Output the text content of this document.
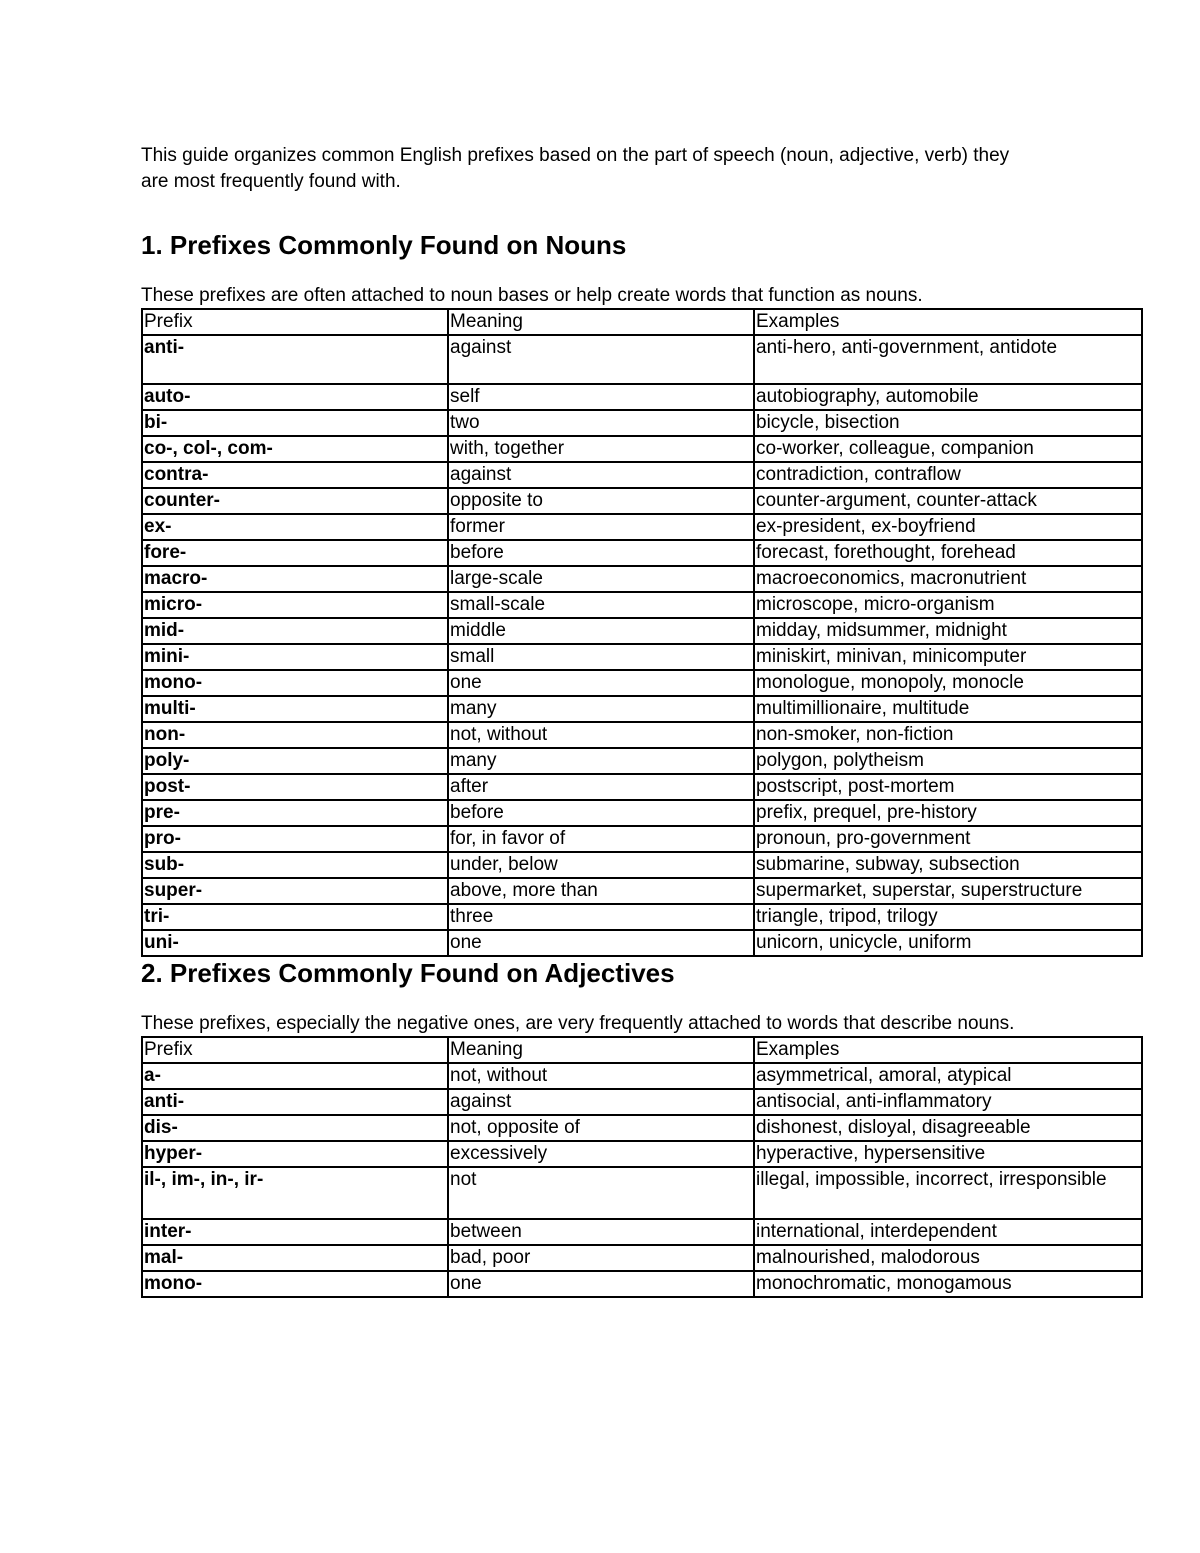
This guide organizes common English prefixes based on the part of speech (noun, adjective, verb) they are most frequently found with.

1. Prefixes Commonly Found on Nouns

These prefixes are often attached to noun bases or help create words that function as nouns.

Prefix	Meaning	Examples
anti-	against	anti-hero, anti-government, antidote
auto-	self	autobiography, automobile
bi-	two	bicycle, bisection
co-, col-, com-	with, together	co-worker, colleague, companion
contra-	against	contradiction, contraflow
counter-	opposite to	counter-argument, counter-attack
ex-	former	ex-president, ex-boyfriend
fore-	before	forecast, forethought, forehead
macro-	large-scale	macroeconomics, macronutrient
micro-	small-scale	microscope, micro-organism
mid-	middle	midday, midsummer, midnight
mini-	small	miniskirt, minivan, minicomputer
mono-	one	monologue, monopoly, monocle
multi-	many	multimillionaire, multitude
non-	not, without	non-smoker, non-fiction
poly-	many	polygon, polytheism
post-	after	postscript, post-mortem
pre-	before	prefix, prequel, pre-history
pro-	for, in favor of	pronoun, pro-government
sub-	under, below	submarine, subway, subsection
super-	above, more than	supermarket, superstar, superstructure
tri-	three	triangle, tripod, trilogy
uni-	one	unicorn, unicycle, uniform
2. Prefixes Commonly Found on Adjectives

These prefixes, especially the negative ones, are very frequently attached to words that describe nouns.

Prefix	Meaning	Examples
a-	not, without	asymmetrical, amoral, atypical
anti-	against	antisocial, anti-inflammatory
dis-	not, opposite of	dishonest, disloyal, disagreeable
hyper-	excessively	hyperactive, hypersensitive
il-, im-, in-, ir-	not	illegal, impossible, incorrect, irresponsible
inter-	between	international, interdependent
mal-	bad, poor	malnourished, malodorous
mono-	one	monochromatic, monogamous
